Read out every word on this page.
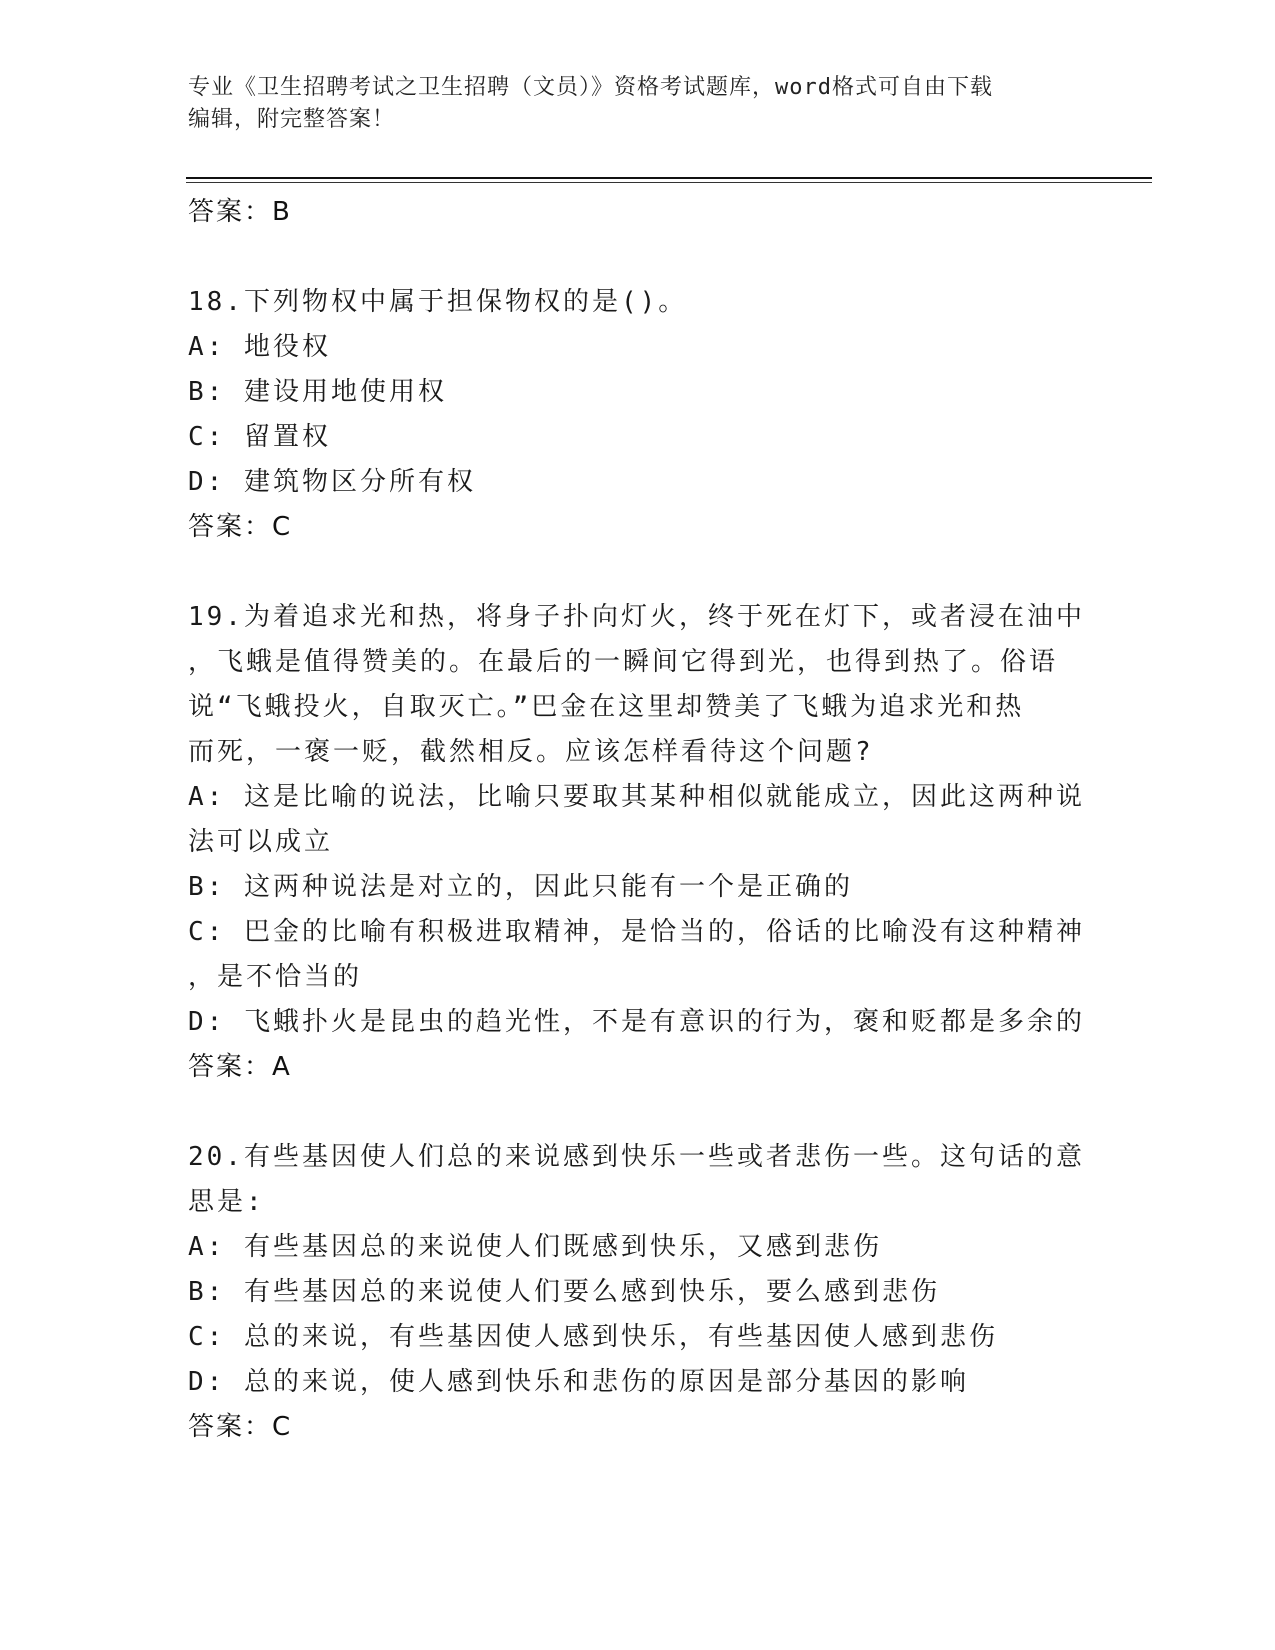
专业《卫生招聘考试之卫生招聘（文员）》资格考试题库，word格式可自由下载
编辑，附完整答案！
答案：B
18.下列物权中属于担保物权的是()。
A: 地役权
B: 建设用地使用权
C: 留置权
D: 建筑物区分所有权
答案：C
19.为着追求光和热，将身子扑向灯火，终于死在灯下，或者浸在油中
，飞蛾是值得赞美的。在最后的一瞬间它得到光，也得到热了。俗语
说“飞蛾投火，自取灭亡。”巴金在这里却赞美了飞蛾为追求光和热
而死，一褒一贬，截然相反。应该怎样看待这个问题?
A: 这是比喻的说法，比喻只要取其某种相似就能成立，因此这两种说
法可以成立
B: 这两种说法是对立的，因此只能有一个是正确的
C: 巴金的比喻有积极进取精神，是恰当的，俗话的比喻没有这种精神
，是不恰当的
D: 飞蛾扑火是昆虫的趋光性，不是有意识的行为，褒和贬都是多余的
答案：A
20.有些基因使人们总的来说感到快乐一些或者悲伤一些。这句话的意
思是:
A: 有些基因总的来说使人们既感到快乐，又感到悲伤
B: 有些基因总的来说使人们要么感到快乐，要么感到悲伤
C: 总的来说，有些基因使人感到快乐，有些基因使人感到悲伤
D: 总的来说，使人感到快乐和悲伤的原因是部分基因的影响
答案：C
